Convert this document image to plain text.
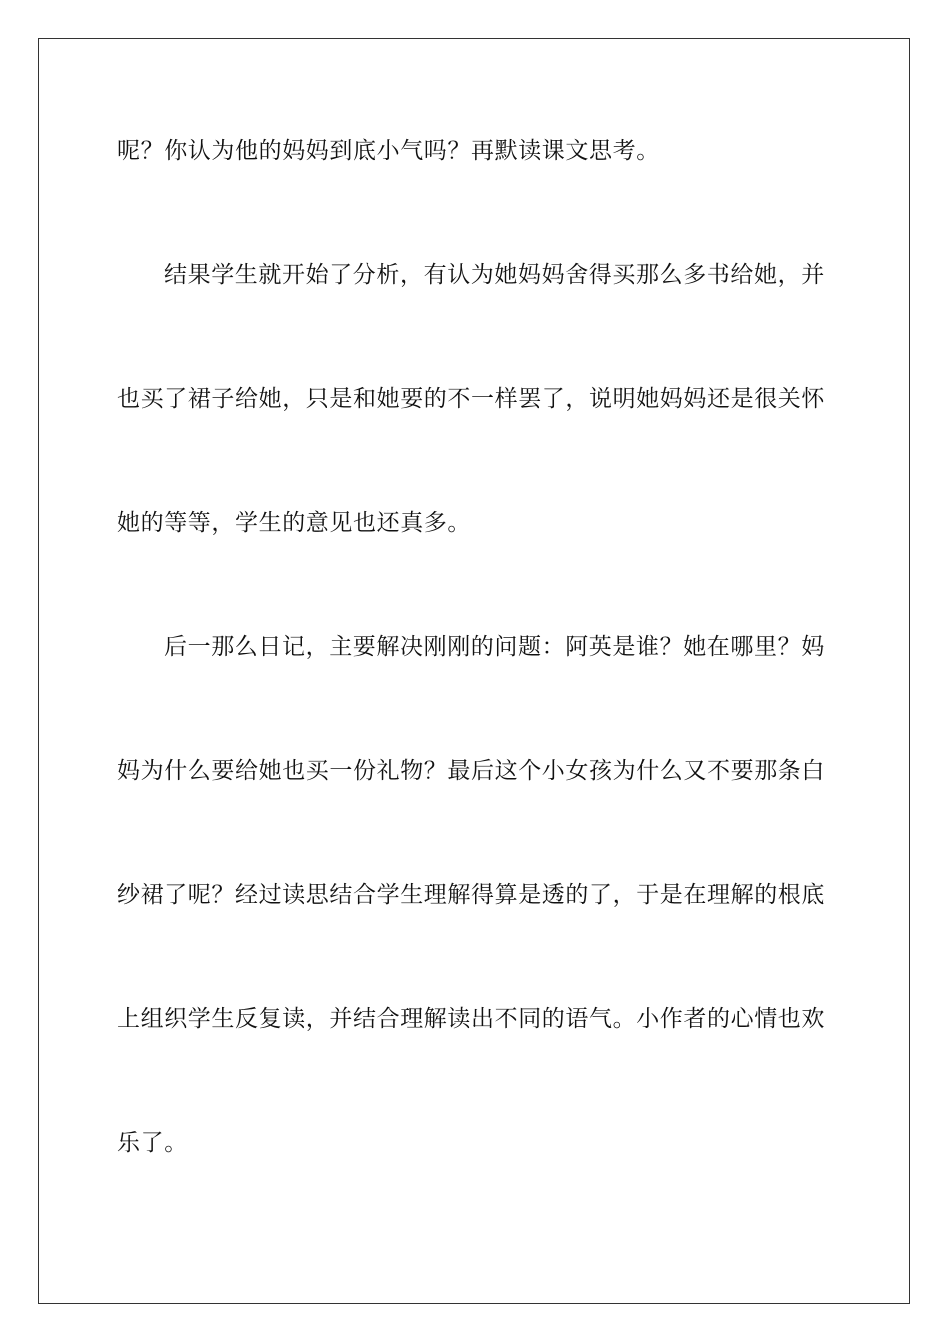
呢？你认为他的妈妈到底小气吗？再默读课文思考。
结果学生就开始了分析，有认为她妈妈舍得买那么多书给她，并
也买了裙子给她，只是和她要的不一样罢了，说明她妈妈还是很关怀
她的等等，学生的意见也还真多。
后一那么日记，主要解决刚刚的问题：阿英是谁？她在哪里？妈
妈为什么要给她也买一份礼物？最后这个小女孩为什么又不要那条白
纱裙了呢？经过读思结合学生理解得算是透的了，于是在理解的根底
上组织学生反复读，并结合理解读出不同的语气。小作者的心情也欢
乐了。
